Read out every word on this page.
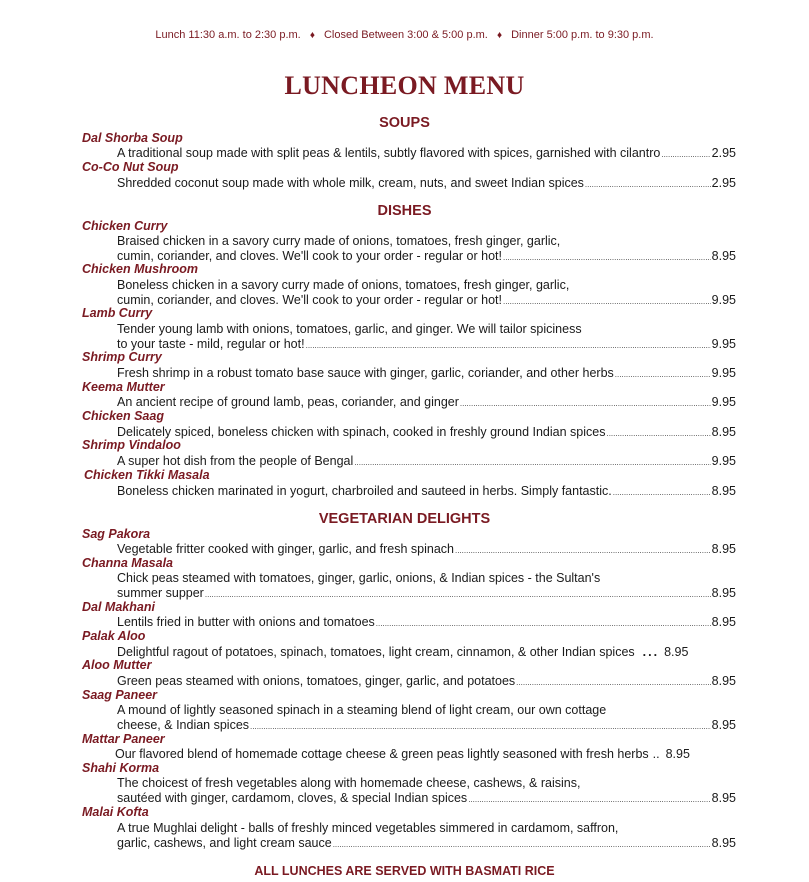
Lunch 11:30 a.m. to 2:30 p.m. ♦ Closed Between 3:00 & 5:00 p.m. ♦ Dinner 5:00 p.m. to 9:30 p.m.
LUNCHEON MENU
SOUPS
Dal Shorba Soup
A traditional soup made with split peas & lentils, subtly flavored with spices, garnished with cilantro .....	2.95
Co-Co Nut Soup
Shredded coconut soup made with whole milk, cream, nuts, and sweet Indian spices .....	2.95
DISHES
Chicken Curry
Braised chicken in a savory curry made of onions, tomatoes, fresh ginger, garlic,
cumin, coriander, and cloves. We'll cook to your order - regular or hot! .....	8.95
Chicken Mushroom
Boneless chicken in a savory curry made of onions, tomatoes, fresh ginger, garlic,
cumin, coriander, and cloves. We'll cook to your order - regular or hot! .....	9.95
Lamb Curry
Tender young lamb with onions, tomatoes, garlic, and ginger. We will tailor spiciness
to your taste - mild, regular or hot! .....	9.95
Shrimp Curry
Fresh shrimp in a robust tomato base sauce with ginger, garlic, coriander, and other herbs .....	9.95
Keema Mutter
An ancient recipe of ground lamb, peas, coriander, and ginger .....	9.95
Chicken Saag
Delicately spiced, boneless chicken with spinach, cooked in freshly ground Indian spices .....	8.95
Shrimp Vindaloo
A super hot dish from the people of Bengal .....	9.95
Chicken Tikki Masala
Boneless chicken marinated in yogurt, charbroiled and sauteed in herbs. Simply fantastic. .....	8.95
VEGETARIAN DELIGHTS
Sag Pakora
Vegetable fritter cooked with ginger, garlic, and fresh spinach .....	8.95
Channa Masala
Chick peas steamed with tomatoes, ginger, garlic, onions, & Indian spices - the Sultan's
summer supper .....	8.95
Dal Makhani
Lentils fried in butter with onions and tomatoes .....	8.95
Palak Aloo
Delightful ragout of potatoes, spinach, tomatoes, light cream, cinnamon, & other Indian spices ... 8.95
Aloo Mutter
Green peas steamed with onions, tomatoes, ginger, garlic, and potatoes .....	8.95
Saag Paneer
A mound of lightly seasoned spinach in a steaming blend of light cream, our own cottage
cheese, & Indian spices .....	8.95
Mattar Paneer
Our flavored blend of homemade cottage cheese & green peas lightly seasoned with fresh herbs .. 8.95
Shahi Korma
The choicest of fresh vegetables along with homemade cheese, cashews, & raisins,
sautéed with ginger, cardamom, cloves, & special Indian spices .....	8.95
Malai Kofta
A true Mughlai delight - balls of freshly minced vegetables simmered in cardamom, saffron,
garlic, cashews, and light cream sauce .....	8.95
ALL LUNCHES ARE SERVED WITH BASMATI RICE
